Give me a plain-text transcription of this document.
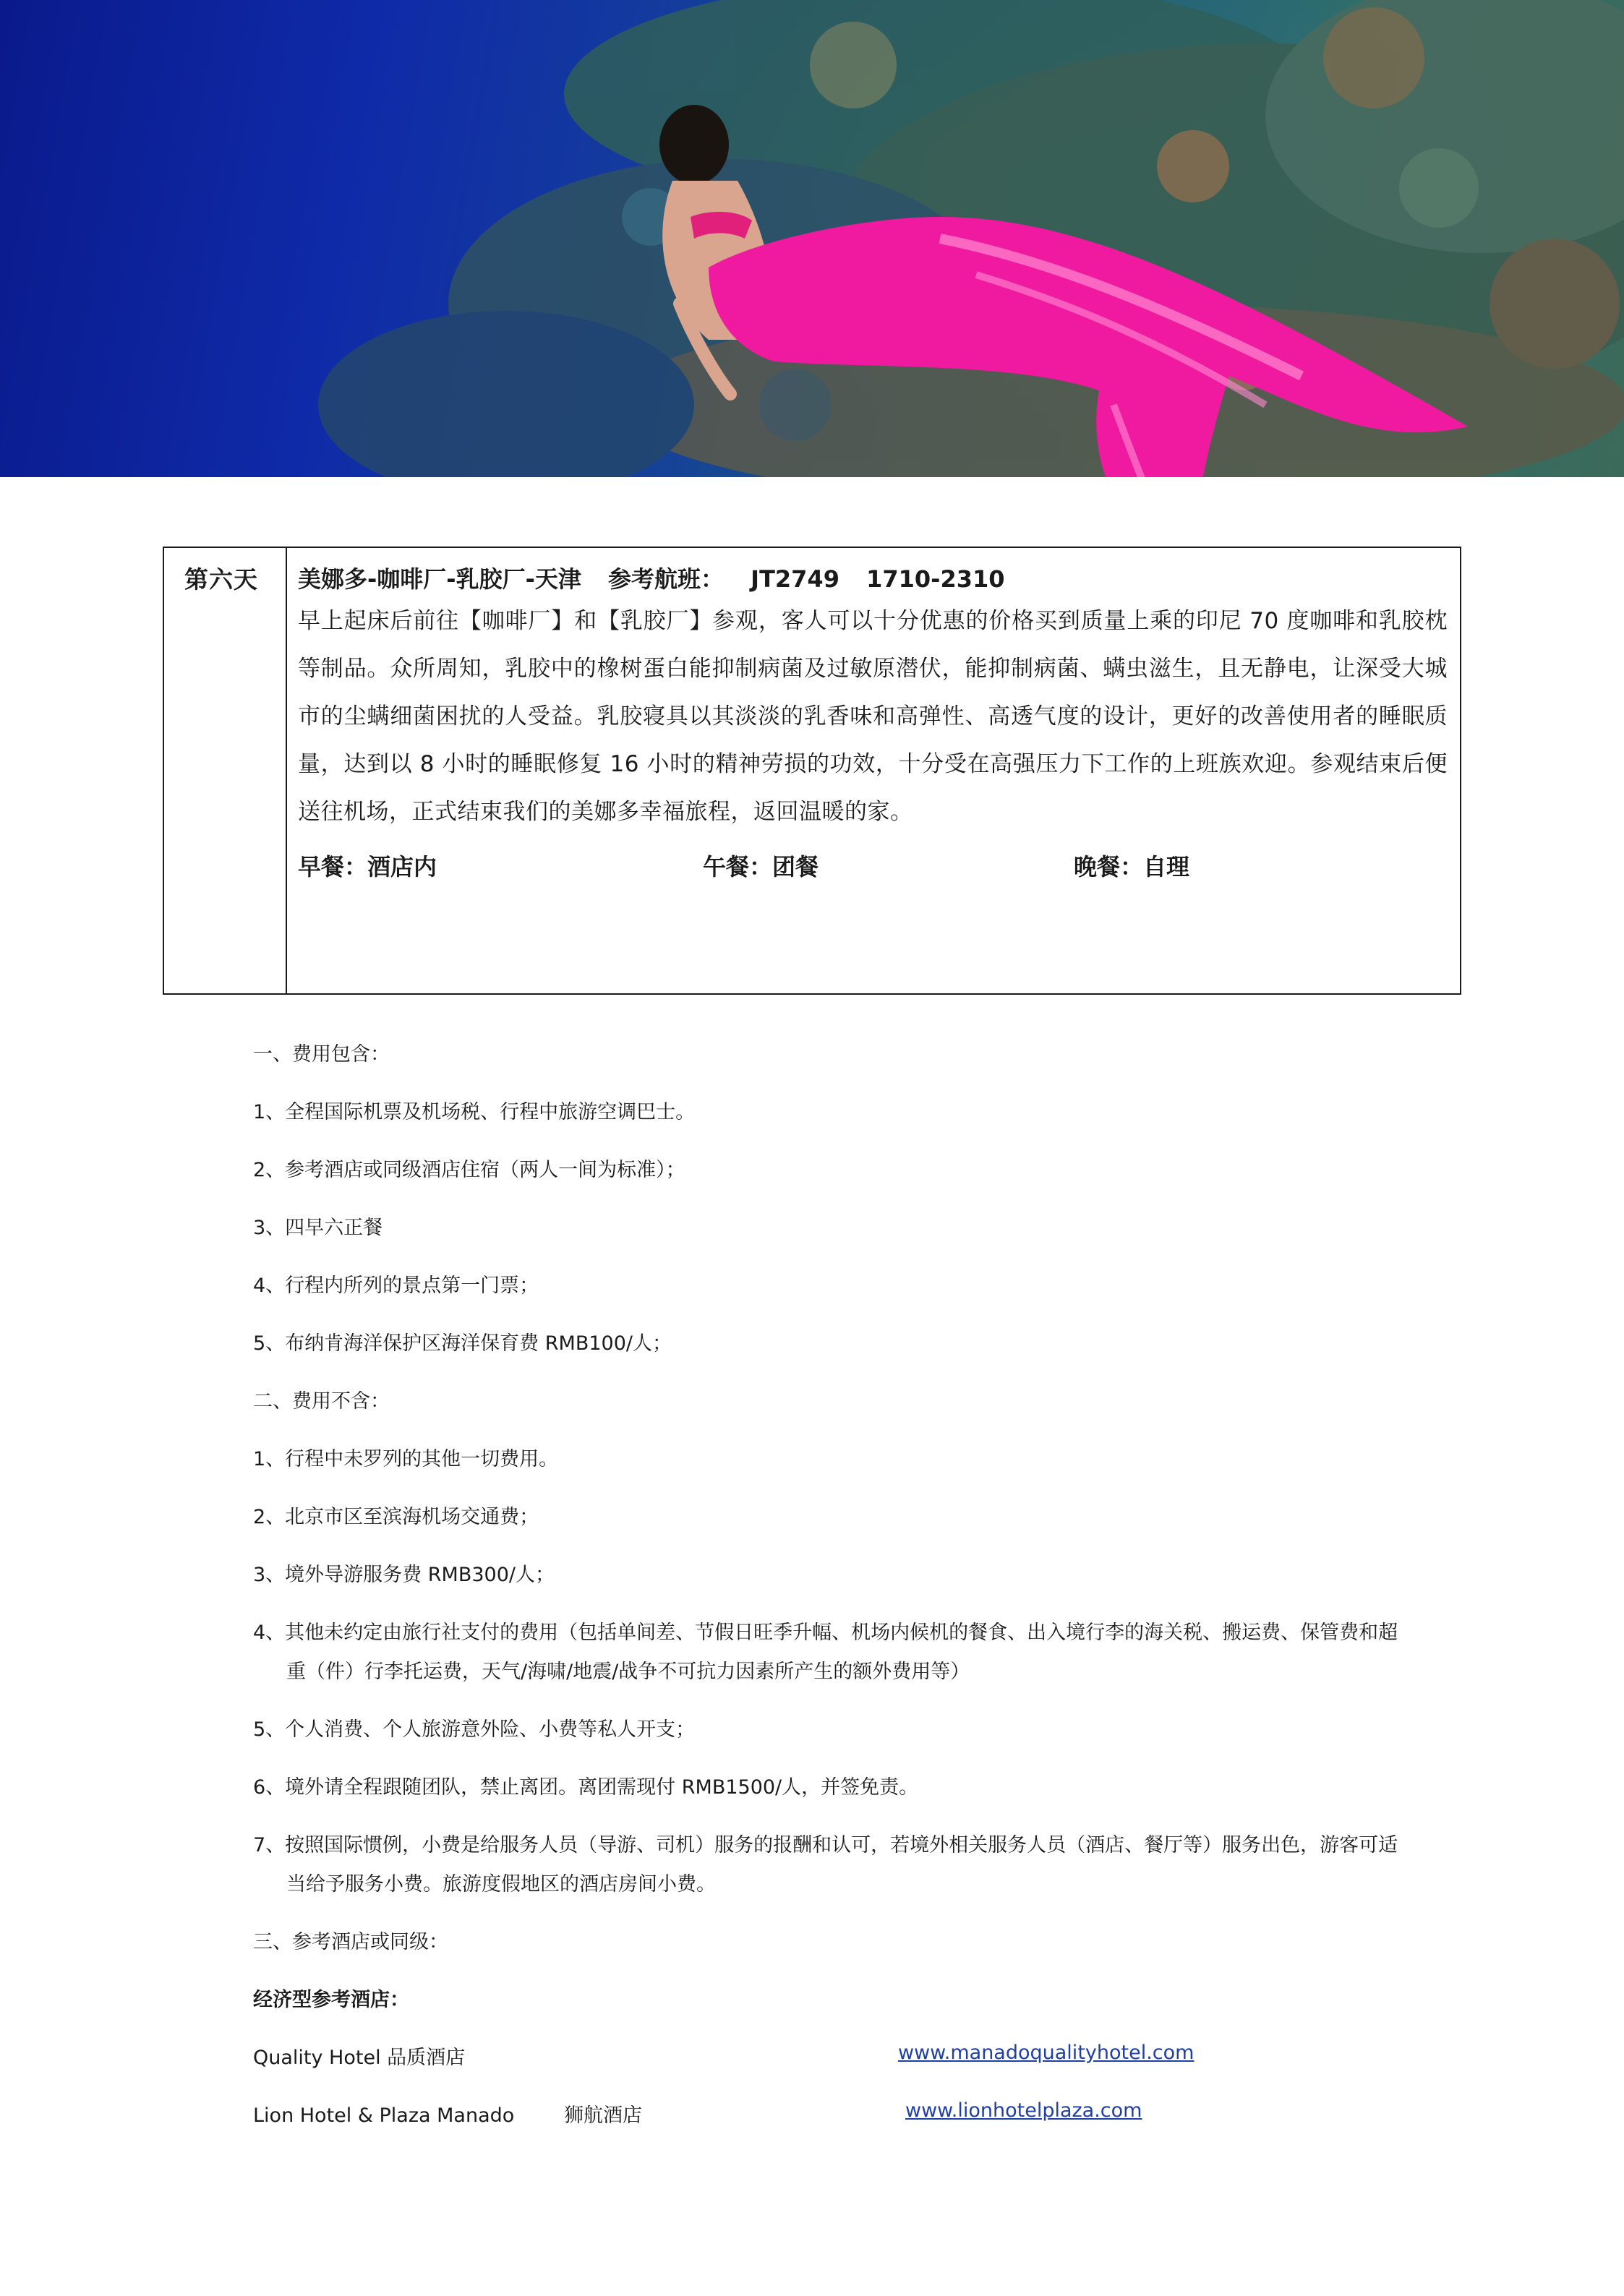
第六天 美娜多-咖啡厂-乳胶厂-天津 参考航班： JT2749 1710-2310
早上起床后前往【咖啡厂】和【乳胶厂】参观，客人可以十分优惠的价格买到质量上乘的印尼 70 度咖啡和乳胶枕等制品。众所周知，乳胶中的橡树蛋白能抑制病菌及过敏原潜伏，能抑制病菌、螨虫滋生，且无静电，让深受大城市的尘螨细菌困扰的人受益。乳胶寝具以其淡淡的乳香味和高弹性、高透气度的设计，更好的改善使用者的睡眠质量，达到以 8 小时的睡眠修复 16 小时的精神劳损的功效，十分受在高强压力下工作的上班族欢迎。参观结束后便送往机场，正式结束我们的美娜多幸福旅程，返回温暖的家。
早餐：酒店内	午餐：团餐	晚餐：自理
一、费用包含：
1、全程国际机票及机场税、行程中旅游空调巴士。
2、参考酒店或同级酒店住宿（两人一间为标准）；
3、四早六正餐
4、行程内所列的景点第一门票；
5、布纳肯海洋保护区海洋保育费 RMB100/人；
二、费用不含：
1、行程中未罗列的其他一切费用。
2、北京市区至滨海机场交通费；
3、境外导游服务费 RMB300/人；
4、其他未约定由旅行社支付的费用（包括单间差、节假日旺季升幅、机场内候机的餐食、出入境行李的海关税、搬运费、保管费和超
重（件）行李托运费，天气/海啸/地震/战争不可抗力因素所产生的额外费用等）
5、个人消费、个人旅游意外险、小费等私人开支；
6、境外请全程跟随团队，禁止离团。离团需现付 RMB1500/人，并签免责。
7、按照国际惯例，小费是给服务人员（导游、司机）服务的报酬和认可，若境外相关服务人员（酒店、餐厅等）服务出色，游客可适
当给予服务小费。旅游度假地区的酒店房间小费。
三、参考酒店或同级：
经济型参考酒店：
Quality Hotel 品质酒店	www.manadoqualityhotel.com
Lion Hotel & Plaza Manado        狮航酒店	www.lionhotelplaza.com
